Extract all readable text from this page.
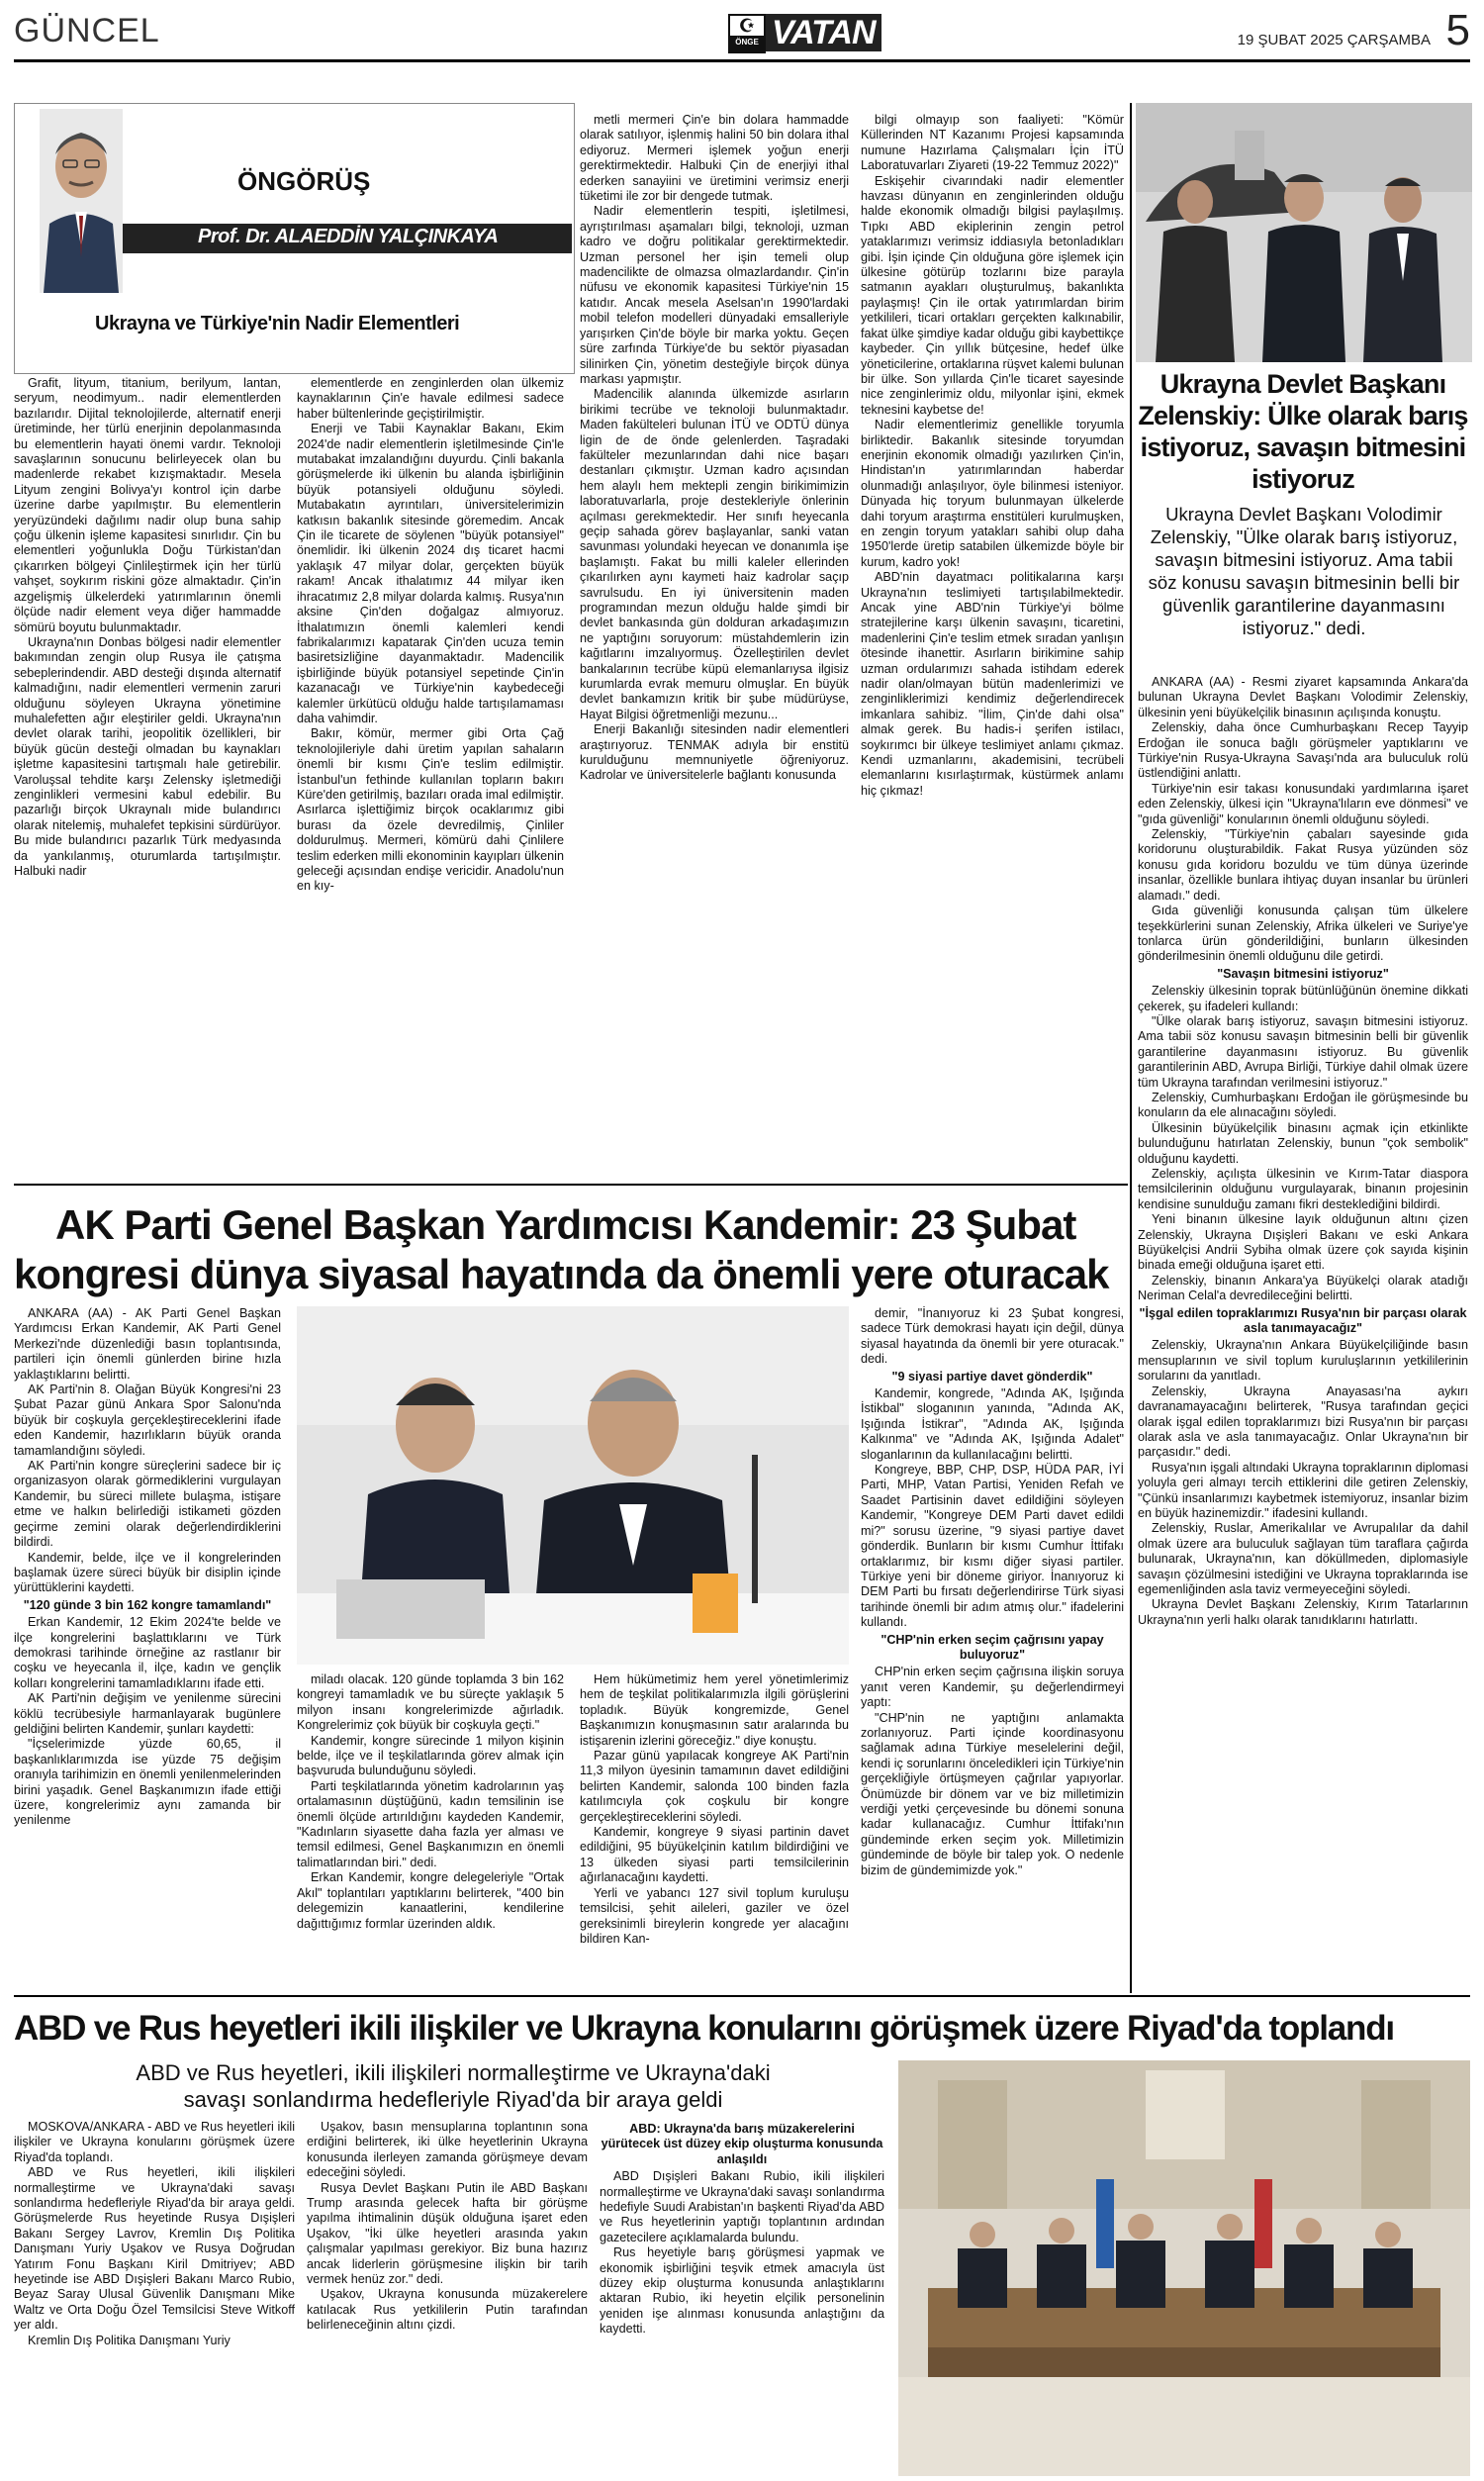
GÜNCEL	☪
ÖNGE VATAN	19 ŞUBAT 2025 ÇARŞAMBA 5
ÖNGÖRÜŞ
Prof. Dr. ALAEDDİN YALÇINKAYA
Ukrayna ve Türkiye'nin Nadir Elementleri

Grafit, lityum, titanium, berilyum, lantan, seryum, neodimyum.. nadir elementlerden bazılarıdır. Dijital teknolojilerde, alternatif enerji üretiminde, her türlü enerjinin depolanmasında bu elementlerin hayati önemi vardır. Teknoloji savaşlarının sonucunu belirleyecek olan bu madenlerde rekabet kızışmaktadır. Mesela Lityum zengini Bolivya'yı kontrol için darbe üzerine darbe yapılmıştır. Bu elementlerin yeryüzündeki dağılımı nadir olup buna sahip çoğu ülkenin işleme kapasitesi sınırlıdır. Çin bu elementleri yoğunlukla Doğu Türkistan'dan çıkarırken bölgeyi Çinlileştirmek için her türlü vahşet, soykırım riskini göze almaktadır. Çin'in azgelişmiş ülkelerdeki yatırımlarının önemli ölçüde nadir element veya diğer hammadde sömürü boyutu bulunmaktadır.

Ukrayna'nın Donbas bölgesi nadir elementler bakımından zengin olup Rusya ile çatışma sebeplerindendir. ABD desteği dışında alternatif kalmadığını, nadir elementleri vermenin zaruri olduğunu söyleyen Ukrayna yönetimine muhalefetten ağır eleştiriler geldi. Ukrayna'nın devlet olarak tarihi, jeopolitik özellikleri, bir büyük gücün desteği olmadan bu kaynakları işletme kapasitesini tartışmalı hale getirebilir. Varoluşsal tehdite karşı Zelensky işletmediği zenginlikleri vermesini kabul edebilir. Bu pazarlığı birçok Ukraynalı mide bulandırıcı olarak nitelemiş, muhalefet tepkisini sürdürüyor. Bu mide bulandırıcı pazarlık Türk medyasında da yankılanmış, oturumlarda tartışılmıştır. Halbuki nadir

elementlerde en zenginlerden olan ülkemiz kaynaklarının Çin'e havale edilmesi sadece haber bültenlerinde geçiştirilmiştir.

Enerji ve Tabii Kaynaklar Bakanı, Ekim 2024'de nadir elementlerin işletilmesinde Çin'le mutabakat imzalandığını duyurdu. Çinli bakanla görüşmelerde iki ülkenin bu alanda işbirliğinin büyük potansiyeli olduğunu söyledi. Mutabakatın ayrıntıları, üniversitelerimizin katkısın bakanlık sitesinde göremedim. Ancak Çin ile ticarete de söylenen "büyük potansiyel" önemlidir. İki ülkenin 2024 dış ticaret hacmi yaklaşık 47 milyar dolar, gerçekten büyük rakam! Ancak ithalatımız 44 milyar iken ihracatımız 2,8 milyar dolarda kalmış. Rusya'nın aksine Çin'den doğalgaz almıyoruz. İthalatımızın önemli kalemleri kendi fabrikalarımızı kapatarak Çin'den ucuza temin basiretsizliğine dayanmaktadır. Madencilik işbirliğinde büyük potansiyel sepetinde Çin'in kazanacağı ve Türkiye'nin kaybedeceği kalemler ürkütücü olduğu halde tartışılamaması daha vahimdir.

Bakır, kömür, mermer gibi Orta Çağ teknolojileriyle dahi üretim yapılan sahaların önemli bir kısmı Çin'e teslim edilmiştir. İstanbul'un fethinde kullanılan topların bakırı Küre'den getirilmiş, bazıları orada imal edilmiştir. Asırlarca işlettiğimiz birçok ocaklarımız gibi burası da özele devredilmiş, Çinliler doldurulmuş. Mermeri, kömürü dahi Çinlilere teslim ederken milli ekonominin kayıpları ülkenin geleceği açısından endişe vericidir. Anadolu'nun en kıy-

metli mermeri Çin'e bin dolara hammadde olarak satılıyor, işlenmiş halini 50 bin dolara ithal ediyoruz. Mermeri işlemek yoğun enerji gerektirmektedir. Halbuki Çin de enerjiyi ithal ederken sanayiini ve üretimini verimsiz enerji tüketimi ile zor bir dengede tutmak.

Nadir elementlerin tespiti, işletilmesi, ayrıştırılması aşamaları bilgi, teknoloji, uzman kadro ve doğru politikalar gerektirmektedir. Uzman personel her işin temeli olup madencilikte de olmazsa olmazlardandır. Çin'in nüfusu ve ekonomik kapasitesi Türkiye'nin 15 katıdır. Ancak mesela Aselsan'ın 1990'lardaki mobil telefon modelleri dünyadaki emsalleriyle yarışırken Çin'de böyle bir marka yoktu. Geçen süre zarfında Türkiye'de bu sektör piyasadan silinirken Çin, yönetim desteğiyle birçok dünya markası yapmıştır.

Madencilik alanında ülkemizde asırların birikimi tecrübe ve teknoloji bulunmaktadır. Maden fakülteleri bulunan İTÜ ve ODTÜ dünya ligin de de önde gelenlerden. Taşradaki fakülteler mezunlarından dahi nice başarı destanları çıkmıştır. Uzman kadro açısından hem alaylı hem mektepli zengin birikimimizin laboratuvarlarla, proje destekleriyle önlerinin açılması gerekmektedir. Her sınıfı heyecanla geçip sahada görev başlayanlar, sanki vatan savunması yolundaki heyecan ve donanımla işe başlamıştı. Fakat bu milli kaleler ellerinden çıkarılırken aynı kaymeti haiz kadrolar saçıp savrulsudu. En iyi üniversitenin maden programından mezun olduğu halde şimdi bir devlet bankasında gün dolduran arkadaşımızın ne yaptığını soruyorum: müstahdemlerin izin kağıtlarını imzalıyormuş. Özelleştirilen devlet bankalarının tecrübe küpü elemanlarıysa ilgisiz kurumlarda evrak memuru olmuşlar. En büyük devlet bankamızın kritik bir şube müdürüyse, Hayat Bilgisi öğretmenliği mezunu...

Enerji Bakanlığı sitesinden nadir elementleri araştırıyoruz. TENMAK adıyla bir enstitü kurulduğunu memnuniyetle öğreniyoruz. Kadrolar ve üniversitelerle bağlantı konusunda

bilgi olmayıp son faaliyeti: "Kömür Küllerinden NT Kazanımı Projesi kapsamında numune Hazırlama Çalışmaları İçin İTÜ Laboratuvarları Ziyareti (19-22 Temmuz 2022)"

Eskişehir civarındaki nadir elementler havzası dünyanın en zenginlerinden olduğu halde ekonomik olmadığı bilgisi paylaşılmış. Tıpkı ABD ekiplerinin zengin petrol yataklarımızı verimsiz iddiasıyla betonladıkları gibi. İşin içinde Çin olduğuna göre işlemek için ülkesine götürüp tozlarını bize parayla satmanın ayakları oluşturulmuş, bakanlıkta paylaşmış! Çin ile ortak yatırımlardan birim yetkilileri, ticari ortakları gerçekten kalkınabilir, fakat ülke şimdiye kadar olduğu gibi kaybettikçe kaybeder. Çin yıllık bütçesine, hedef ülke yöneticilerine, ortaklarına rüşvet kalemi bulunan bir ülke. Son yıllarda Çin'le ticaret sayesinde nice zenginlerimiz oldu, milyonlar işini, ekmek teknesini kaybetse de!

Nadir elementlerimiz genellikle toryumla birliktedir. Bakanlık sitesinde toryumdan enerjinin ekonomik olmadığı yazılırken Çin'in, Hindistan'ın yatırımlarından haberdar olunmadığı anlaşılıyor, öyle bilinmesi isteniyor. Dünyada hiç toryum bulunmayan ülkelerde dahi toryum araştırma enstitüleri kurulmuşken, en zengin toryum yatakları sahibi olup daha 1950'lerde üretip satabilen ülkemizde böyle bir kurum, kadro yok!

ABD'nin dayatmacı politikalarına karşı Ukrayna'nın teslimiyeti tartışılabilmektedir. Ancak yine ABD'nin Türkiye'yi bölme stratejilerine karşı ülkenin savaşını, ticaretini, madenlerini Çin'e teslim etmek sıradan yanlışın ötesinde ihanettir. Asırların birikimine sahip uzman ordularımızı sahada istihdam ederek nadir olan/olmayan bütün madenlerimizi ve zenginliklerimizi kendimiz değerlendirecek imkanlara sahibiz. "İlim, Çin'de dahi olsa" almak gerek. Bu hadis-i şerifen istilacı, soykırımcı bir ülkeye teslimiyet anlamı çıkmaz. Kendi uzmanlarını, akademisini, tecrübeli elemanlarını kısırlaştırmak, küstürmek anlamı hiç çıkmaz!

Ukrayna Devlet Başkanı Zelenskiy: Ülke olarak barış istiyoruz, savaşın bitmesini istiyoruz
Ukrayna Devlet Başkanı Volodimir Zelenskiy, "Ülke olarak barış istiyoruz, savaşın bitmesini istiyoruz. Ama tabii söz konusu savaşın bitmesinin belli bir güvenlik garantilerine dayanmasını istiyoruz." dedi.

ANKARA (AA) - Resmi ziyaret kapsamında Ankara'da bulunan Ukrayna Devlet Başkanı Volodimir Zelenskiy, ülkesinin yeni büyükelçilik binasının açılışında konuştu.

Zelenskiy, daha önce Cumhurbaşkanı Recep Tayyip Erdoğan ile sonuca bağlı görüşmeler yaptıklarını ve Türkiye'nin Rusya-Ukrayna Savaşı'nda ara buluculuk rolü üstlendiğini anlattı.

Türkiye'nin esir takası konusundaki yardımlarına işaret eden Zelenskiy, ülkesi için "Ukrayna'lıların eve dönmesi" ve "gıda güvenliği" konularının önemli olduğunu söyledi.

Zelenskiy, "Türkiye'nin çabaları sayesinde gıda koridorunu oluşturabildik. Fakat Rusya yüzünden söz konusu gıda koridoru bozuldu ve tüm dünya üzerinde insanlar, özellikle bunlara ihtiyaç duyan insanlar bu ürünleri alamadı." dedi.

Gıda güvenliği konusunda çalışan tüm ülkelere teşekkürlerini sunan Zelenskiy, Afrika ülkeleri ve Suriye'ye tonlarca ürün gönderildiğini, bunların ülkesinden gönderilmesinin önemli olduğunu dile getirdi.

"Savaşın bitmesini istiyoruz"

Zelenskiy ülkesinin toprak bütünlüğünün önemine dikkati çekerek, şu ifadeleri kullandı:

"Ülke olarak barış istiyoruz, savaşın bitmesini istiyoruz. Ama tabii söz konusu savaşın bitmesinin belli bir güvenlik garantilerine dayanmasını istiyoruz. Bu güvenlik garantilerinin ABD, Avrupa Birliği, Türkiye dahil olmak üzere tüm Ukrayna tarafından verilmesini istiyoruz."

Zelenskiy, Cumhurbaşkanı Erdoğan ile görüşmesinde bu konuların da ele alınacağını söyledi.

Ülkesinin büyükelçilik binasını açmak için etkinlikte bulunduğunu hatırlatan Zelenskiy, bunun "çok sembolik" olduğunu kaydetti.

Zelenskiy, açılışta ülkesinin ve Kırım-Tatar diaspora temsilcilerinin olduğunu vurgulayarak, binanın projesinin kendisine sunulduğu zamanı fikri desteklediğini bildirdi.

Yeni binanın ülkesine layık olduğunun altını çizen Zelenskiy, Ukrayna Dışişleri Bakanı ve eski Ankara Büyükelçisi Andrii Sybiha olmak üzere çok sayıda kişinin binada emeği olduğuna işaret etti.

Zelenskiy, binanın Ankara'ya Büyükelçi olarak atadığı Neriman Celal'a devredileceğini belirtti.

"İşgal edilen topraklarımızı Rusya'nın bir parçası olarak asla tanımayacağız"

Zelenskiy, Ukrayna'nın Ankara Büyükelçiliğinde basın mensuplarının ve sivil toplum kuruluşlarının yetkililerinin sorularını da yanıtladı.

Zelenskiy, Ukrayna Anayasası'na aykırı davranamayacağını belirterek, "Rusya tarafından geçici olarak işgal edilen topraklarımızı bizi Rusya'nın bir parçası olarak asla ve asla tanımayacağız. Onlar Ukrayna'nın bir parçasıdır." dedi.

Rusya'nın işgali altındaki Ukrayna topraklarının diplomasi yoluyla geri almayı tercih ettiklerini dile getiren Zelenskiy, "Çünkü insanlarımızı kaybetmek istemiyoruz, insanlar bizim en büyük hazinemizdir." ifadesini kullandı.

Zelenskiy, Ruslar, Amerikalılar ve Avrupalılar da dahil olmak üzere ara buluculuk sağlayan tüm taraflara çağırda bulunarak, Ukrayna'nın, kan döküllmeden, diplomasiyle savaşın çözülmesini istediğini ve Ukrayna topraklarında ise egemenliğinden asla taviz vermeyeceğini söyledi.

Ukrayna Devlet Başkanı Zelenskiy, Kırım Tatarlarının Ukrayna'nın yerli halkı olarak tanıdıklarını hatırlattı.

AK Parti Genel Başkan Yardımcısı Kandemir: 23 Şubat
kongresi dünya siyasal hayatında da önemli yere oturacak

ANKARA (AA) - AK Parti Genel Başkan Yardımcısı Erkan Kandemir, AK Parti Genel Merkezi'nde düzenlediği basın toplantısında, partileri için önemli günlerden birine hızla yaklaştıklarını belirtti.

AK Parti'nin 8. Olağan Büyük Kongresi'ni 23 Şubat Pazar günü Ankara Spor Salonu'nda büyük bir coşkuyla gerçekleştireceklerini ifade eden Kandemir, hazırlıkların büyük oranda tamamlandığını söyledi.

AK Parti'nin kongre süreçlerini sadece bir iç organizasyon olarak görmediklerini vurgulayan Kandemir, bu süreci millete bulaşma, istişare etme ve halkın belirlediği istikameti gözden geçirme zemini olarak değerlendirdiklerini bildirdi.

Kandemir, belde, ilçe ve il kongrelerinden başlamak üzere süreci büyük bir disiplin içinde yürüttüklerini kaydetti.

"120 günde 3 bin 162 kongre tamamlandı"

Erkan Kandemir, 12 Ekim 2024'te belde ve ilçe kongrelerini başlattıklarını ve Türk demokrasi tarihinde örneğine az rastlanır bir coşku ve heyecanla il, ilçe, kadın ve gençlik kolları kongrelerini tamamladıklarını ifade etti.

AK Parti'nin değişim ve yenilenme sürecini köklü tecrübesiyle harmanlayarak bugünlere geldiğini belirten Kandemir, şunları kaydetti:

"İçselerimizde yüzde 60,65, il başkanlıklarımızda ise yüzde 75 değişim oranıyla tarihimizin en önemli yenilenmelerinden birini yaşadık. Genel Başkanımızın ifade ettiği üzere, kongrelerimiz aynı zamanda bir yenilenme

miladı olacak. 120 günde toplamda 3 bin 162 kongreyi tamamladık ve bu süreçte yaklaşık 5 milyon insanı kongrelerimizde ağırladık. Kongrelerimiz çok büyük bir coşkuyla geçti."

Kandemir, kongre sürecinde 1 milyon kişinin belde, ilçe ve il teşkilatlarında görev almak için başvuruda bulunduğunu söyledi.

Parti teşkilatlarında yönetim kadrolarının yaş ortalamasının düştüğünü, kadın temsilinin ise önemli ölçüde artırıldığını kaydeden Kandemir, "Kadınların siyasette daha fazla yer alması ve temsil edilmesi, Genel Başkanımızın en önemli talimatlarından biri." dedi.

Erkan Kandemir, kongre delegeleriyle "Ortak Akıl" toplantıları yaptıklarını belirterek, "400 bin delegemizin kanaatlerini, kendilerine dağıttığımız formlar üzerinden aldık.

Hem hükümetimiz hem yerel yönetimlerimiz hem de teşkilat politikalarımızla ilgili görüşlerini topladık. Büyük kongremizde, Genel Başkanımızın konuşmasının satır aralarında bu istişarenin izlerini göreceğiz." diye konuştu.

Pazar günü yapılacak kongreye AK Parti'nin 11,3 milyon üyesinin tamamının davet edildiğini belirten Kandemir, salonda 100 binden fazla katılımcıyla çok coşkulu bir kongre gerçekleştireceklerini söyledi.

Kandemir, kongreye 9 siyasi partinin davet edildiğini, 95 büyükelçinin katılım bildirdiğini ve 13 ülkeden siyasi parti temsilcilerinin ağırlanacağını kaydetti.

Yerli ve yabancı 127 sivil toplum kuruluşu temsilcisi, şehit aileleri, gaziler ve özel gereksinimli bireylerin kongrede yer alacağını bildiren Kan-

demir, "İnanıyoruz ki 23 Şubat kongresi, sadece Türk demokrasi hayatı için değil, dünya siyasal hayatında da önemli bir yere oturacak." dedi.

"9 siyasi partiye davet gönderdik"

Kandemir, kongrede, "Adında AK, Işığında İstikbal" sloganının yanında, "Adında AK, Işığında İstikrar", "Adında AK, Işığında Kalkınma" ve "Adında AK, Işığında Adalet" sloganlarının da kullanılacağını belirtti.

Kongreye, BBP, CHP, DSP, HÜDA PAR, İYİ Parti, MHP, Vatan Partisi, Yeniden Refah ve Saadet Partisinin davet edildiğini söyleyen Kandemir, "Kongreye DEM Parti davet edildi mi?" sorusu üzerine, "9 siyasi partiye davet gönderdik. Bunların bir kısmı Cumhur İttifakı ortaklarımız, bir kısmı diğer siyasi partiler. Türkiye yeni bir döneme giriyor. İnanıyoruz ki DEM Parti bu fırsatı değerlendirirse Türk siyasi tarihinde önemli bir adım atmış olur." ifadelerini kullandı.

"CHP'nin erken seçim çağrısını yapay buluyoruz"

CHP'nin erken seçim çağrısına ilişkin soruya yanıt veren Kandemir, şu değerlendirmeyi yaptı:

"CHP'nin ne yaptığını anlamakta zorlanıyoruz. Parti içinde koordinasyonu sağlamak adına Türkiye meselelerini değil, kendi iç sorunlarını önceledikleri için Türkiye'nin gerçekliğiyle örtüşmeyen çağrılar yapıyorlar. Önümüzde bir dönem var ve biz milletimizin verdiği yetki çerçevesinde bu dönemi sonuna kadar kullanacağız. Cumhur İttifakı'nın gündeminde erken seçim yok. Milletimizin gündeminde de böyle bir talep yok. O nedenle bizim de gündemimizde yok."

ABD ve Rus heyetleri ikili ilişkiler ve Ukrayna konularını görüşmek üzere Riyad'da toplandı
ABD ve Rus heyetleri, ikili ilişkileri normalleştirme ve Ukrayna'daki
savaşı sonlandırma hedefleriyle Riyad'da bir araya geldi

MOSKOVA/ANKARA - ABD ve Rus heyetleri ikili ilişkiler ve Ukrayna konularını görüşmek üzere Riyad'da toplandı.

ABD ve Rus heyetleri, ikili ilişkileri normalleştirme ve Ukrayna'daki savaşı sonlandırma hedefleriyle Riyad'da bir araya geldi. Görüşmelerde Rus heyetinde Rusya Dışişleri Bakanı Sergey Lavrov, Kremlin Dış Politika Danışmanı Yuriy Uşakov ve Rusya Doğrudan Yatırım Fonu Başkanı Kiril Dmitriyev; ABD heyetinde ise ABD Dışişleri Bakanı Marco Rubio, Beyaz Saray Ulusal Güvenlik Danışmanı Mike Waltz ve Orta Doğu Özel Temsilcisi Steve Witkoff yer aldı.

Kremlin Dış Politika Danışmanı Yuriy

Uşakov, basın mensuplarına toplantının sona erdiğini belirterek, iki ülke heyetlerinin Ukrayna konusunda ilerleyen zamanda görüşmeye devam edeceğini söyledi.

Rusya Devlet Başkanı Putin ile ABD Başkanı Trump arasında gelecek hafta bir görüşme yapılma ihtimalinin düşük olduğuna işaret eden Uşakov, "İki ülke heyetleri arasında yakın çalışmalar yapılması gerekiyor. Biz buna hazırız ancak liderlerin görüşmesine ilişkin bir tarih vermek henüz zor." dedi.

Uşakov, Ukrayna konusunda müzakerelere katılacak Rus yetkililerin Putin tarafından belirleneceğinin altını çizdi.

ABD: Ukrayna'da barış müzakerelerini yürütecek üst düzey ekip oluşturma konusunda anlaşıldı

ABD Dışişleri Bakanı Rubio, ikili ilişkileri normalleştirme ve Ukrayna'daki savaşı sonlandırma hedefiyle Suudi Arabistan'ın başkenti Riyad'da ABD ve Rus heyetlerinin yaptığı toplantının ardından gazetecilere açıklamalarda bulundu.

Rus heyetiyle barış görüşmesi yapmak ve ekonomik işbirliğini teşvik etmek amacıyla üst düzey ekip oluşturma konusunda anlaştıklarını aktaran Rubio, iki heyetin elçilik personelinin yeniden işe alınması konusunda anlaştığını da kaydetti.
